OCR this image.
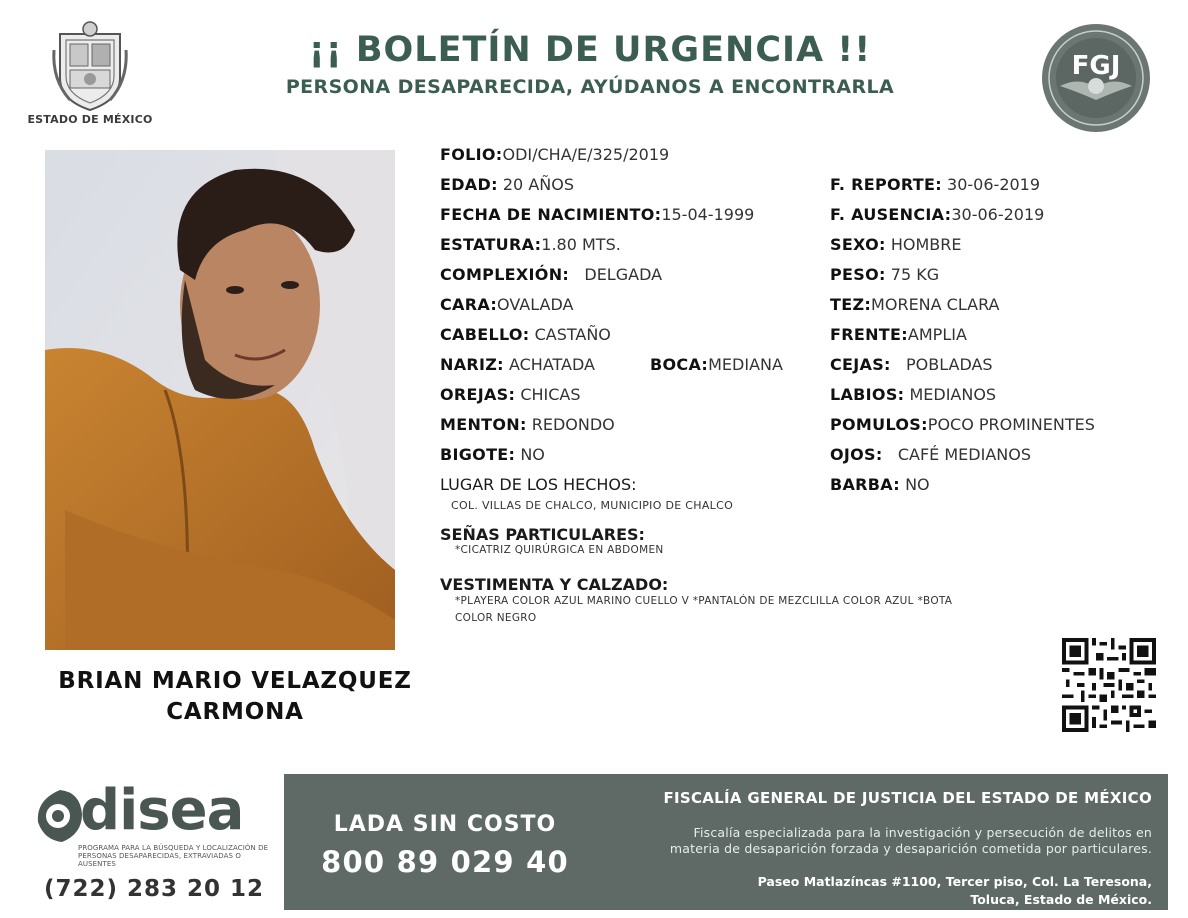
ESTADO DE MÉXICO
¡¡ BOLETÍN DE URGENCIA !!
PERSONA DESAPARECIDA, AYÚDANOS A ENCONTRARLA
FGJ
BRIAN MARIO VELAZQUEZ
CARMONA
FOLIO:ODI/CHA/E/325/2019
EDAD: 20 AÑOS
FECHA DE NACIMIENTO:15-04-1999
ESTATURA:1.80 MTS.
COMPLEXIÓN: DELGADA
CARA:OVALADA
CABELLO: CASTAÑO
NARIZ: ACHATADA	BOCA:MEDIANA
OREJAS: CHICAS
MENTON: REDONDO
BIGOTE: NO
LUGAR DE LOS HECHOS:
COL. VILLAS DE CHALCO, MUNICIPIO DE CHALCO
SEÑAS PARTICULARES:
*CICATRIZ QUIRÚRGICA EN ABDOMEN
VESTIMENTA Y CALZADO:
*PLAYERA COLOR AZUL MARINO CUELLO V *PANTALÓN DE MEZCLILLA COLOR AZUL *BOTA
COLOR NEGRO
F. REPORTE: 30-06-2019
F. AUSENCIA:30-06-2019
SEXO: HOMBRE
PESO: 75 KG
TEZ:MORENA CLARA
FRENTE:AMPLIA
CEJAS: POBLADAS
LABIOS: MEDIANOS
POMULOS:POCO PROMINENTES
OJOS: CAFÉ MEDIANOS
BARBA: NO
disea
PROGRAMA PARA LA BÚSQUEDA Y LOCALIZACIÓN DE PERSONAS DESAPARECIDAS, EXTRAVIADAS O AUSENTES
(722) 283 20 12
LADA SIN COSTO
800 89 029 40
FISCALÍA GENERAL DE JUSTICIA DEL ESTADO DE MÉXICO
Fiscalía especializada para la investigación y persecución de delitos en
materia de desaparición forzada y desaparición cometida por particulares.
Paseo Matlazíncas #1100, Tercer piso, Col. La Teresona,
Toluca, Estado de México.
